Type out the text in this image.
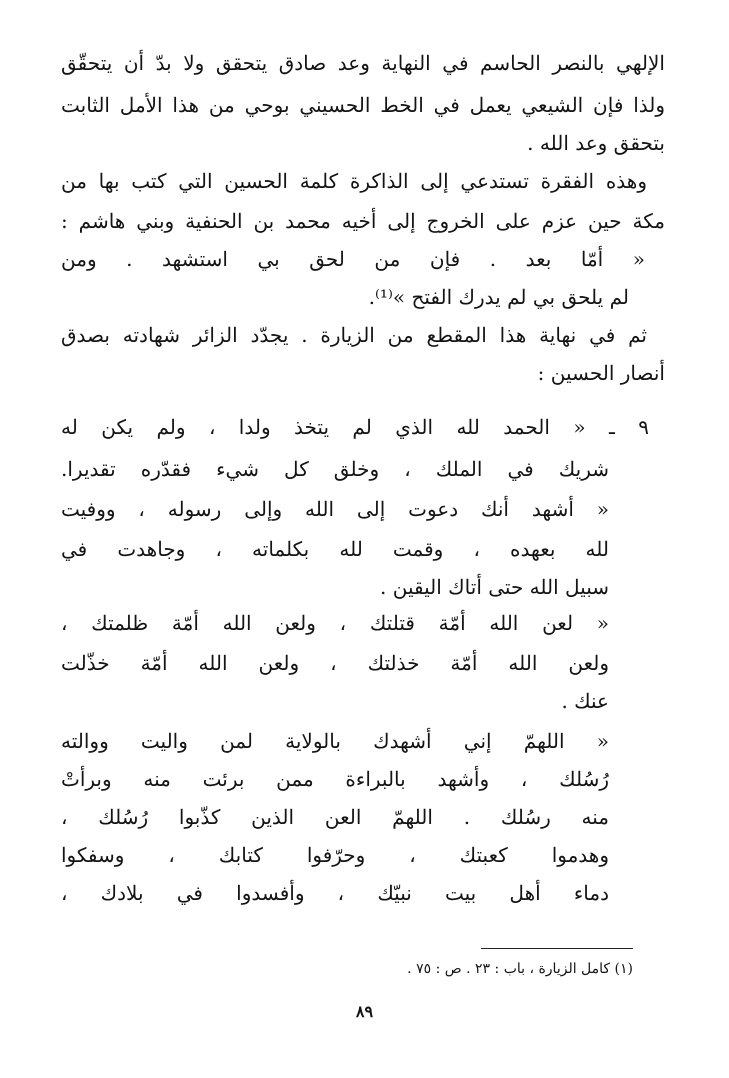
الإلهي بالنصر الحاسم في النهاية وعد صادق يتحقق ولا بدّ أن يتحقّق
ولذا فإن الشيعي يعمل في الخط الحسيني بوحي من هذا الأمل الثابت
بتحقق وعد الله .
وهذه الفقرة تستدعي إلى الذاكرة كلمة الحسين التي كتب بها من
مكة حين عزم على الخروج إلى أخيه محمد بن الحنفية وبني هاشم :
« أمّا بعد . فإن من لحق بي استشهد . ومن
لم يلحق بي لم يدرك الفتح »⁽¹⁾.
ثم في نهاية هذا المقطع من الزيارة . يجدّد الزائر شهادته بصدق
أنصار الحسين :
٩ ـ « الحمد لله الذي لم يتخذ ولدا ، ولم يكن له
شريك في الملك ، وخلق كل شيء فقدّره تقديرا.
« أشهد أنك دعوت إلى الله وإلى رسوله ، ووفيت
لله بعهده ، وقمت لله بكلماته ، وجاهدت في
سبيل الله حتى أتاك اليقين .
« لعن الله أمّة قتلتك ، ولعن الله أمّة ظلمتك ،
ولعن الله أمّة خذلتك ، ولعن الله أمّة خذّلت
عنك .
« اللهمّ إني أشهدك بالولاية لمن واليت ووالته
رُسُلك ، وأشهد بالبراءة ممن برئت منه وبرأتْ
منه رسُلك . اللهمّ العن الذين كذّبوا رُسُلك ،
وهدموا كعبتك ، وحرّفوا كتابك ، وسفكوا
دماء أهل بيت نبيّك ، وأفسدوا في بلادك ،
(١) كامل الزيارة ، باب : ٢٣ . ص : ٧٥ .
٨٩
